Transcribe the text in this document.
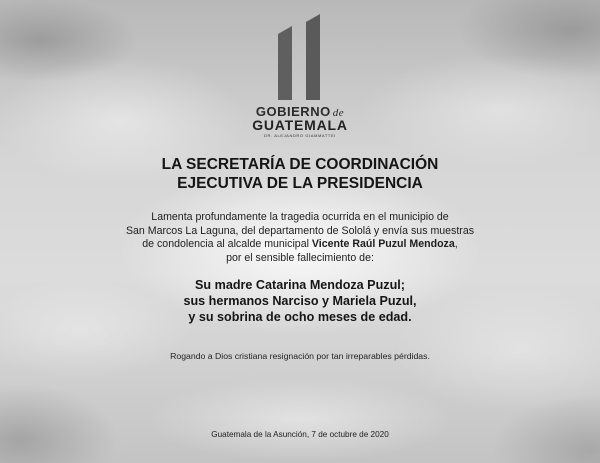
GOBIERNO de
GUATEMALA
DR. ALEJANDRO GIAMMATTEI
LA SECRETARÍA DE COORDINACIÓN
EJECUTIVA DE LA PRESIDENCIA
Lamenta profundamente la tragedia ocurrida en el municipio de
San Marcos La Laguna, del departamento de Sololá y envía sus muestras
de condolencia al alcalde municipal Vicente Raúl Puzul Mendoza,
por el sensible fallecimiento de:
Su madre Catarina Mendoza Puzul;
sus hermanos Narciso y Mariela Puzul,
y su sobrina de ocho meses de edad.
Rogando a Dios cristiana resignación por tan irreparables pérdidas.
Guatemala de la Asunción, 7 de octubre de 2020
